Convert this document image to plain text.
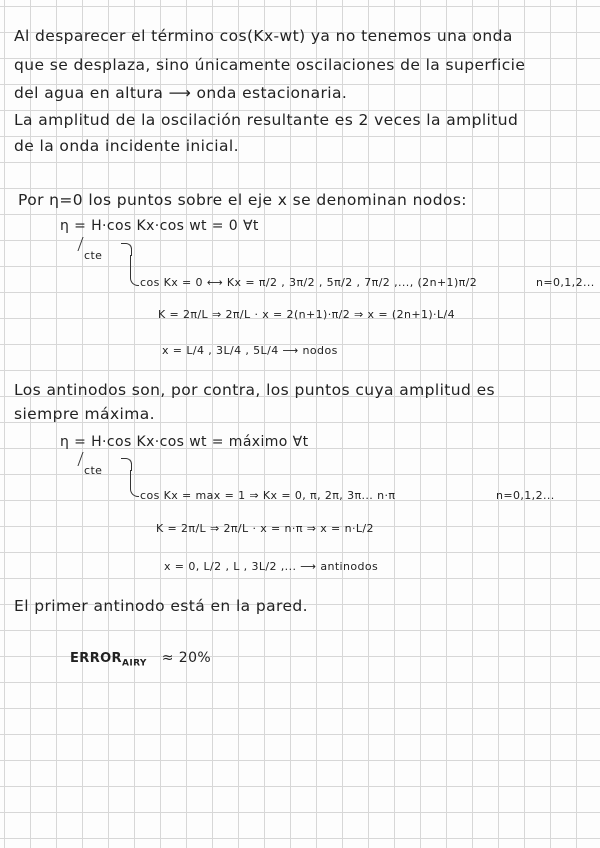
Al desparecer el término cos(Kx-wt) ya no tenemos una onda
que se desplaza, sino únicamente oscilaciones de la superficie
del agua en altura ⟶ onda estacionaria.
La amplitud de la oscilación resultante es 2 veces la amplitud
de la onda incidente inicial.
Por η=0 los puntos sobre el eje x se denominan nodos:
η = H·cos Kx·cos wt = 0 ∀t
cte
cos Kx = 0 ⟷ Kx = π/2 , 3π/2 , 5π/2 , 7π/2 ,..., (2n+1)π/2	n=0,1,2...
K = 2π/L ⇒ 2π/L · x = 2(n+1)·π/2 ⇒ x = (2n+1)·L/4
x = L/4 , 3L/4 , 5L/4 ⟶ nodos
Los antinodos son, por contra, los puntos cuya amplitud es
siempre máxima.
η = H·cos Kx·cos wt = máximo ∀t
cte
cos Kx = max = 1 ⇒ Kx = 0, π, 2π, 3π... n·π	n=0,1,2...
K = 2π/L ⇒ 2π/L · x = n·π ⇒ x = n·L/2
x = 0, L/2 , L , 3L/2 ,... ⟶ antinodos
El primer antinodo está en la pared.
$ERROR_{AIRY} \approx 20\%$
